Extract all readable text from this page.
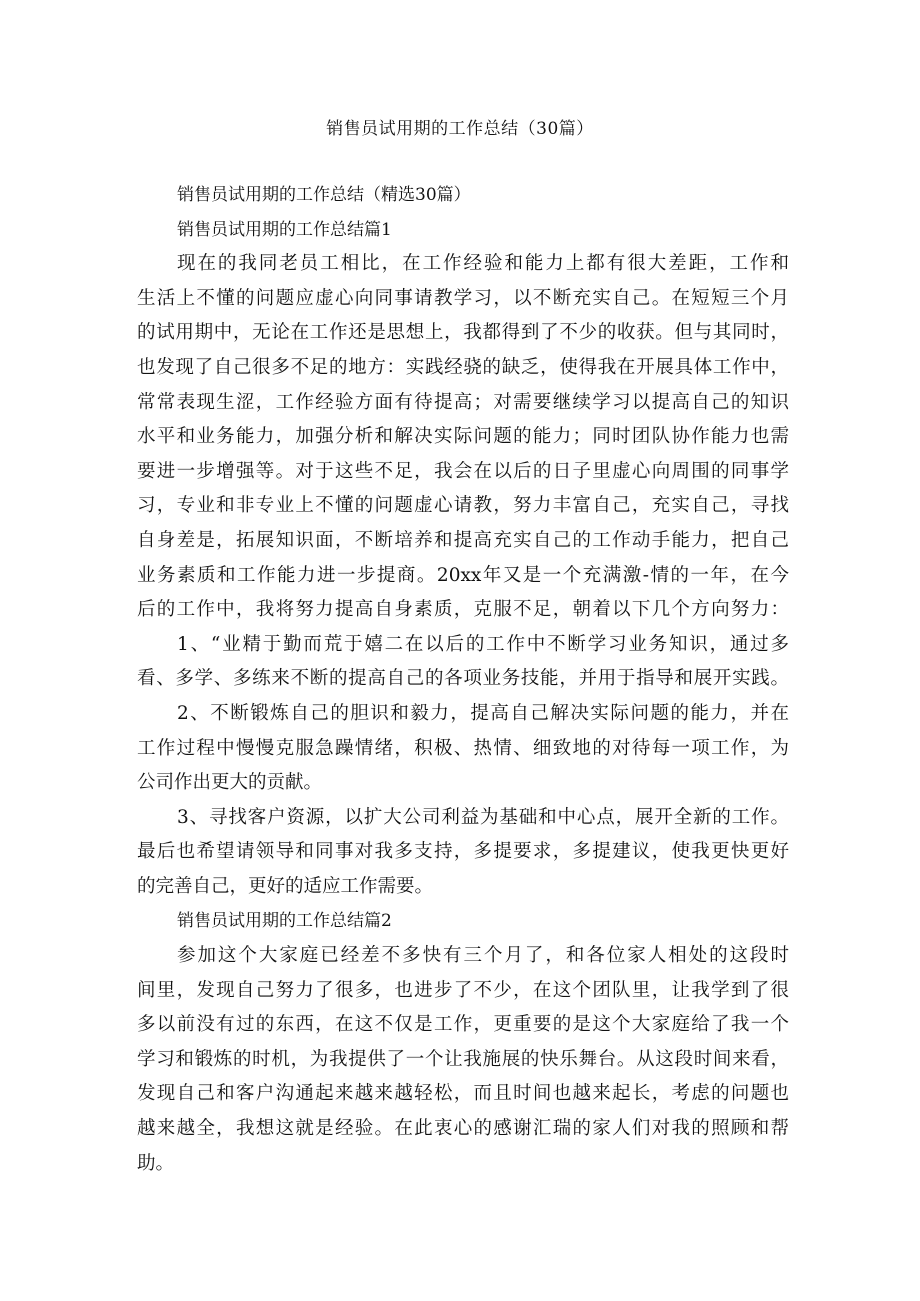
销售员试用期的工作总结（30篇）
销售员试用期的工作总结（精选30篇）
销售员试用期的工作总结篇1
现在的我同老员工相比，在工作经验和能力上都有很大差距，工作和
生活上不懂的问题应虚心向同事请教学习，以不断充实自己。在短短三个月
的试用期中，无论在工作还是思想上，我都得到了不少的收获。但与其同时，
也发现了自己很多不足的地方：实践经骁的缺乏，使得我在开展具体工作中，
常常表现生涩，工作经验方面有待提高；对需要继续学习以提高自己的知识
水平和业务能力，加强分析和解决实际问题的能力；同时团队协作能力也需
要进一步增强等。对于这些不足，我会在以后的日子里虚心向周围的同事学
习，专业和非专业上不懂的问题虚心请教，努力丰富自己，充实自己，寻找
自身差是，拓展知识面，不断培养和提高充实自己的工作动手能力，把自己
业务素质和工作能力进一步提商。20xx年又是一个充满激-情的一年，在今
后的工作中，我将努力提高自身素质，克服不足，朝着以下几个方向努力：
1、“业精于勤而荒于嬉二在以后的工作中不断学习业务知识，通过多
看、多学、多练来不断的提高自己的各项业务技能，并用于指导和展开实践。
2、不断锻炼自己的胆识和毅力，提高自己解决实际问题的能力，并在
工作过程中慢慢克服急躁情绪，积极、热情、细致地的对待每一项工作，为
公司作出更大的贡献。
3、寻找客户资源，以扩大公司利益为基础和中心点，展开全新的工作。
最后也希望请领导和同事对我多支持，多提要求，多提建议，使我更快更好
的完善自己，更好的适应工作需要。
销售员试用期的工作总结篇2
参加这个大家庭已经差不多快有三个月了，和各位家人相处的这段时
间里，发现自己努力了很多，也进步了不少，在这个团队里，让我学到了很
多以前没有过的东西，在这不仅是工作，更重要的是这个大家庭给了我一个
学习和锻炼的时机，为我提供了一个让我施展的快乐舞台。从这段时间来看，
发现自己和客户沟通起来越来越轻松，而且时间也越来起长，考虑的问题也
越来越全，我想这就是经验。在此衷心的感谢汇瑞的家人们对我的照顾和帮
助。
